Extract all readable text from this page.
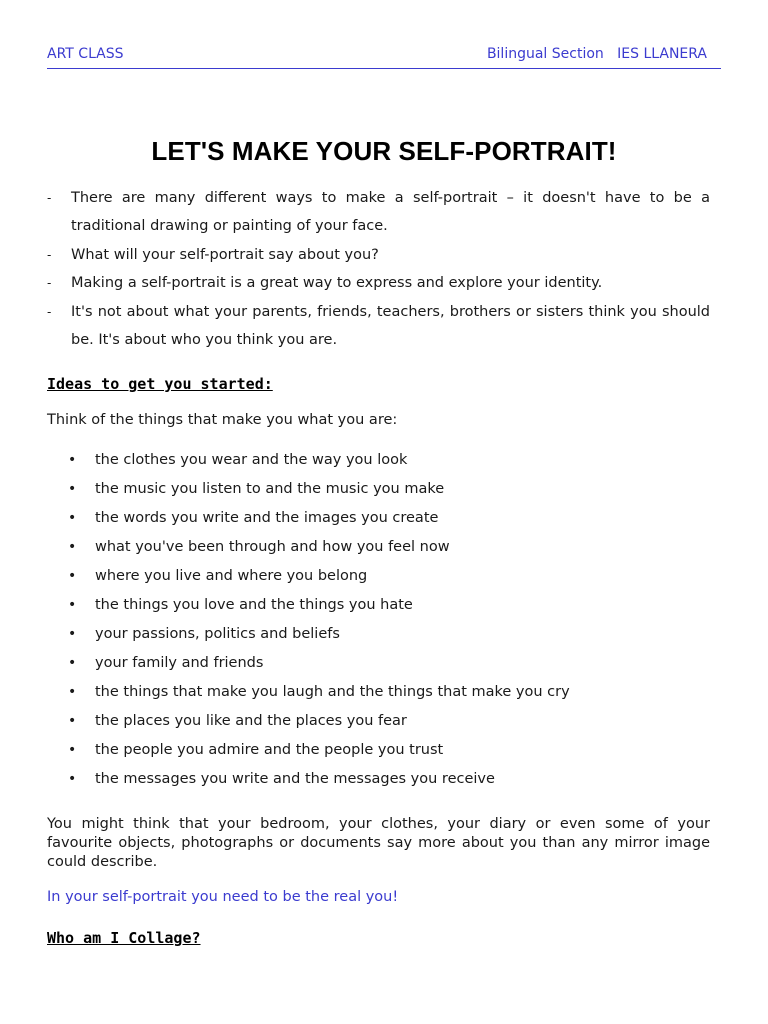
ART CLASS	Bilingual Section   IES LLANERA
LET'S MAKE YOUR SELF-PORTRAIT!
- There are many different ways to make a self-portrait – it doesn't have to be a traditional drawing or painting of your face.
- What will your self-portrait say about you?
- Making a self-portrait is a great way to express and explore your identity.
- It's not about what your parents, friends, teachers, brothers or sisters think you should be. It's about who you think you are.
Ideas to get you started:
Think of the things that make you what you are:
• the clothes you wear and the way you look
• the music you listen to and the music you make
• the words you write and the images you create
• what you've been through and how you feel now
• where you live and where you belong
• the things you love and the things you hate
• your passions, politics and beliefs
• your family and friends
• the things that make you laugh and the things that make you cry
• the places you like and the places you fear
• the people you admire and the people you trust
• the messages you write and the messages you receive
You might think that your bedroom, your clothes, your diary or even some of your favourite objects, photographs or documents say more about you than any mirror image could describe.
In your self-portrait you need to be the real you!
Who am I Collage?
